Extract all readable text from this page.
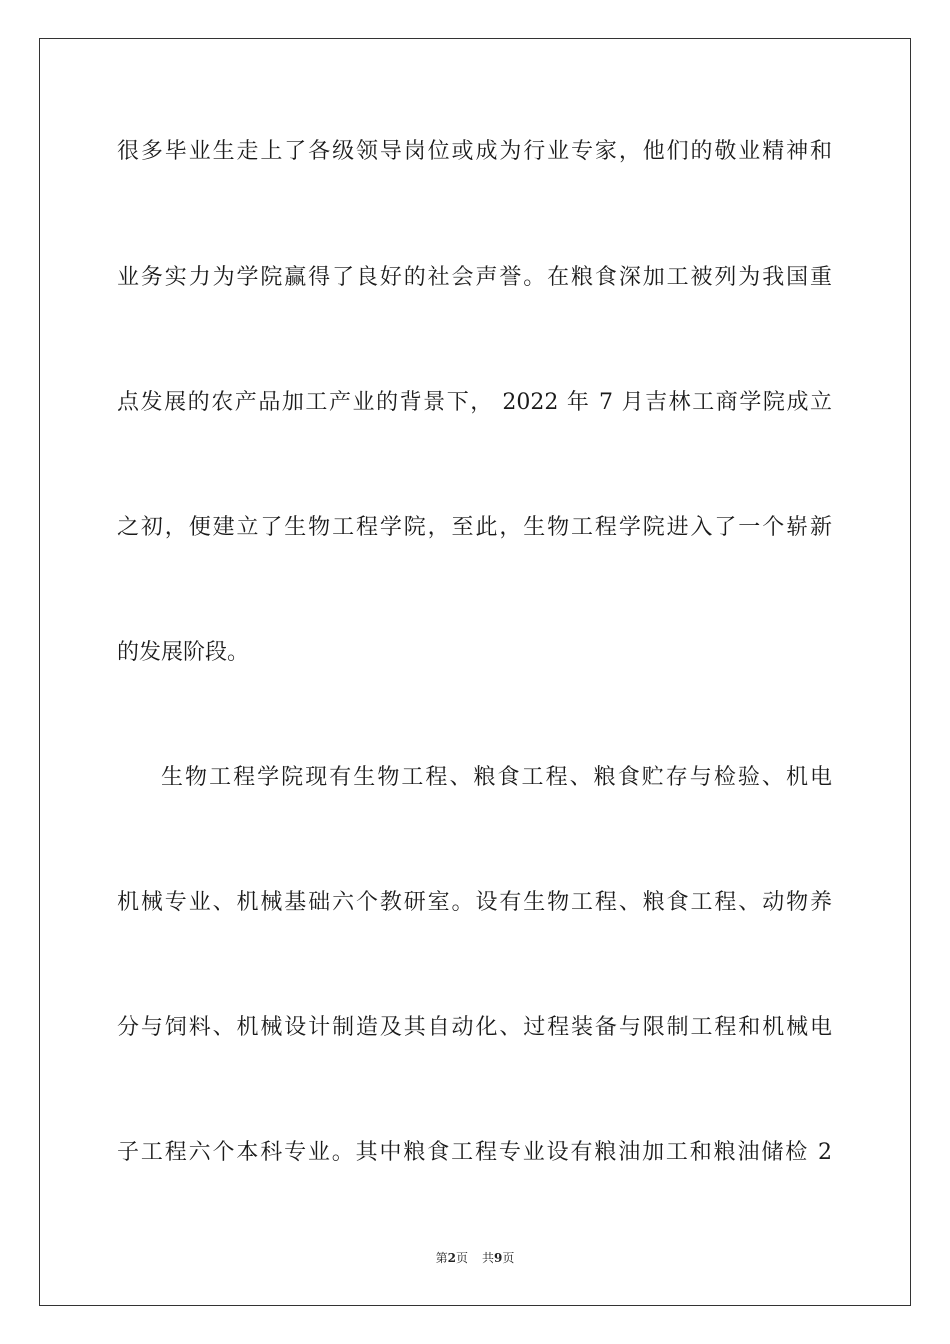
很多毕业生走上了各级领导岗位或成为行业专家，他们的敬业精神和

业务实力为学院赢得了良好的社会声誉。在粮食深加工被列为我国重

点发展的农产品加工产业的背景下， 2022 年 7 月吉林工商学院成立

之初，便建立了生物工程学院，至此，生物工程学院进入了一个崭新

的发展阶段。

生物工程学院现有生物工程、粮食工程、粮食贮存与检验、机电

机械专业、机械基础六个教研室。设有生物工程、粮食工程、动物养

分与饲料、机械设计制造及其自动化、过程装备与限制工程和机械电

子工程六个本科专业。其中粮食工程专业设有粮油加工和粮油储检 2

第2页 共9页
